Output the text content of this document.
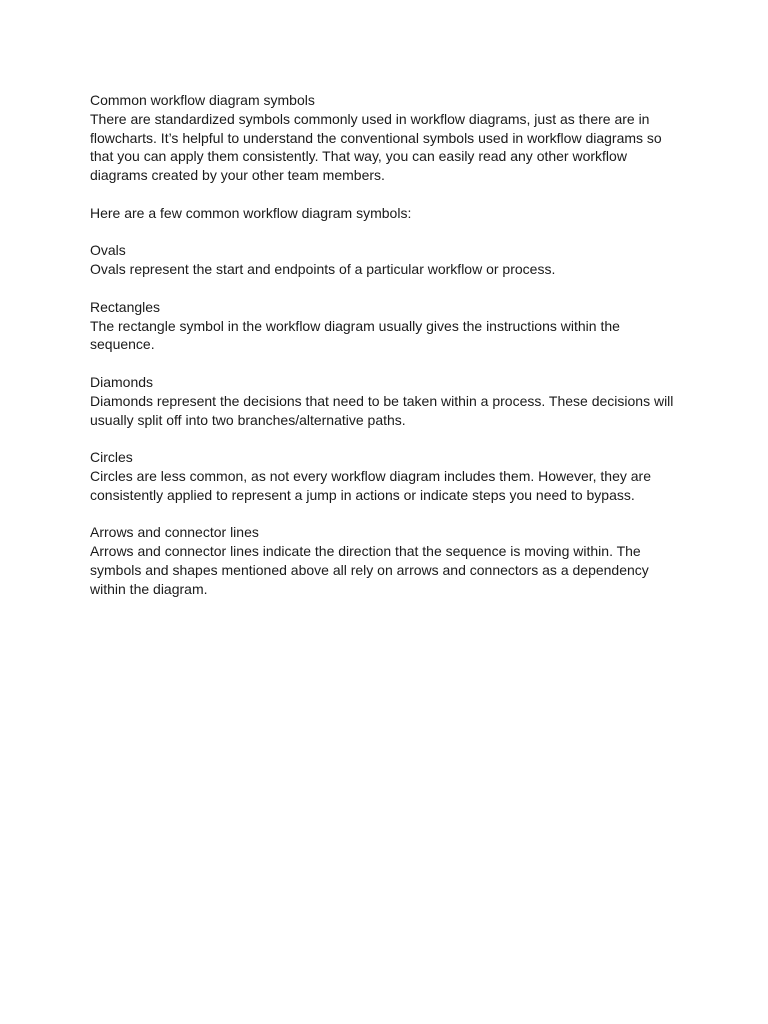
Common workflow diagram symbols

There are standardized symbols commonly used in workflow diagrams, just as there are in flowcharts. It’s helpful to understand the conventional symbols used in workflow diagrams so that you can apply them consistently. That way, you can easily read any other workflow diagrams created by your other team members.

Here are a few common workflow diagram symbols:

Ovals

Ovals represent the start and endpoints of a particular workflow or process.

Rectangles

The rectangle symbol in the workflow diagram usually gives the instructions within the sequence.

Diamonds

Diamonds represent the decisions that need to be taken within a process. These decisions will usually split off into two branches/alternative paths.

Circles

Circles are less common, as not every workflow diagram includes them. However, they are consistently applied to represent a jump in actions or indicate steps you need to bypass.

Arrows and connector lines

Arrows and connector lines indicate the direction that the sequence is moving within. The symbols and shapes mentioned above all rely on arrows and connectors as a dependency within the diagram.
